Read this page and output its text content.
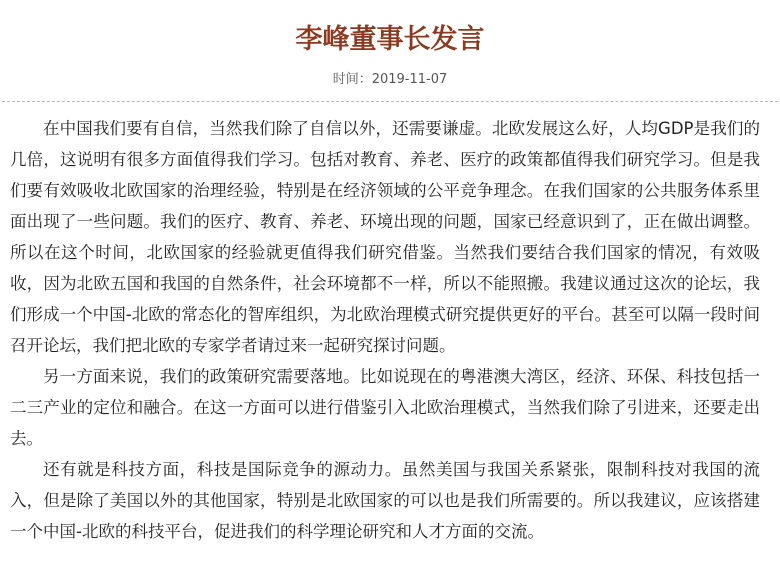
李峰董事长发言
时间：2019-11-07

在中国我们要有自信，当然我们除了自信以外，还需要谦虚。北欧发展这么好，人均GDP是我们的几倍，这说明有很多方面值得我们学习。包括对教育、养老、医疗的政策都值得我们研究学习。但是我们要有效吸收北欧国家的治理经验，特别是在经济领域的公平竞争理念。在我们国家的公共服务体系里面出现了一些问题。我们的医疗、教育、养老、环境出现的问题，国家已经意识到了，正在做出调整。所以在这个时间，北欧国家的经验就更值得我们研究借鉴。当然我们要结合我们国家的情况，有效吸收，因为北欧五国和我国的自然条件，社会环境都不一样，所以不能照搬。我建议通过这次的论坛，我们形成一个中国-北欧的常态化的智库组织，为北欧治理模式研究提供更好的平台。甚至可以隔一段时间召开论坛，我们把北欧的专家学者请过来一起研究探讨问题。

另一方面来说，我们的政策研究需要落地。比如说现在的粤港澳大湾区，经济、环保、科技包括一二三产业的定位和融合。在这一方面可以进行借鉴引入北欧治理模式，当然我们除了引进来，还要走出去。

还有就是科技方面，科技是国际竞争的源动力。虽然美国与我国关系紧张，限制科技对我国的流入，但是除了美国以外的其他国家，特别是北欧国家的可以也是我们所需要的。所以我建议，应该搭建一个中国-北欧的科技平台，促进我们的科学理论研究和人才方面的交流。
